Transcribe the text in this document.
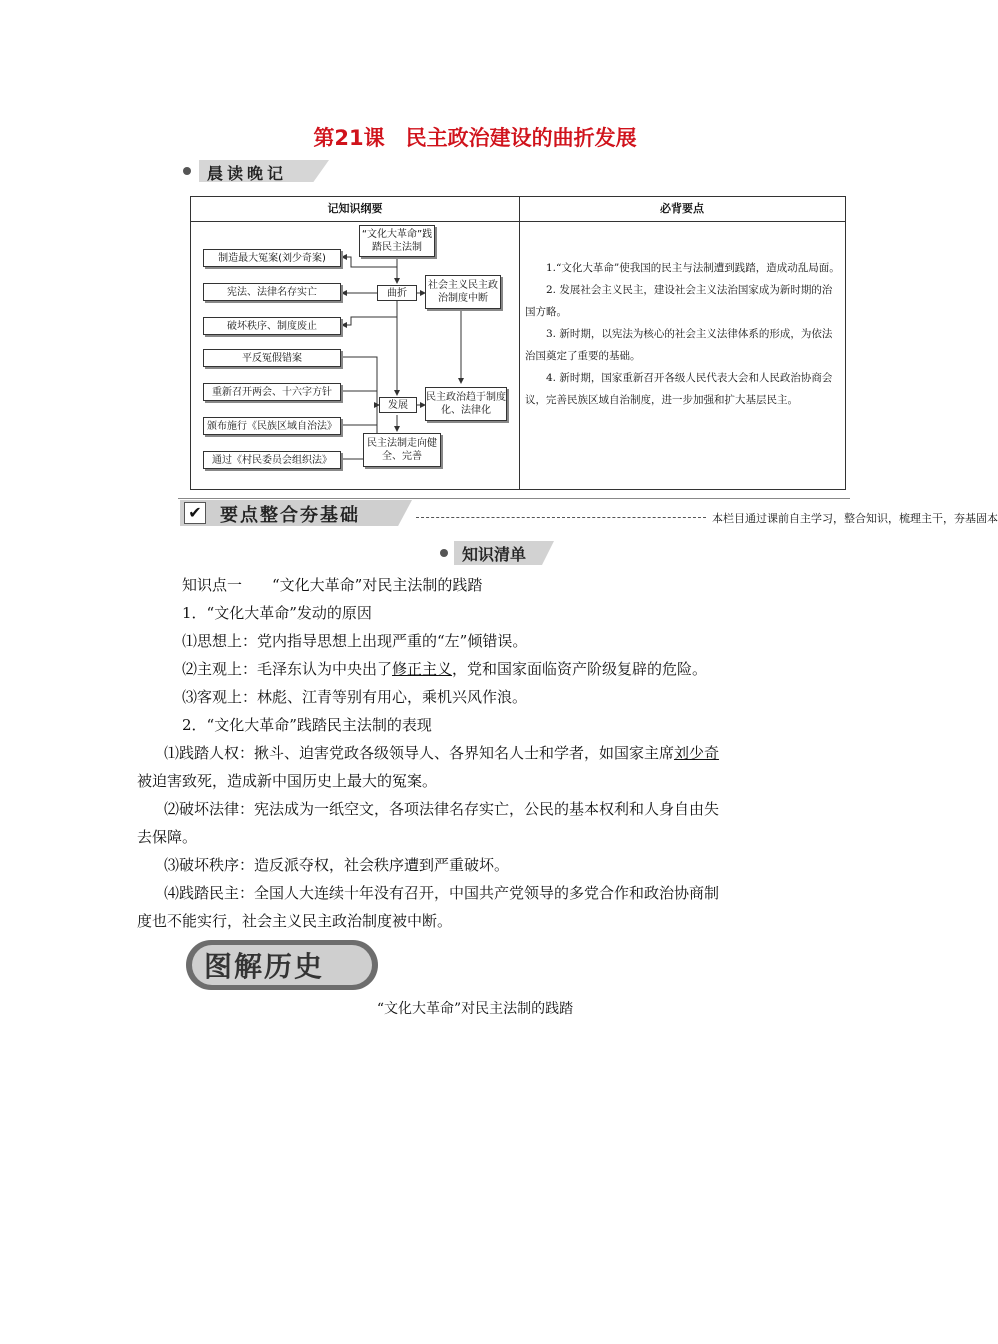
第21课　民主政治建设的曲折发展
晨读晚记
记知识纲要	必背要点
“文化大革命”践踏民主法制
曲折
发展
社会主义民主政治制度中断
民主政治趋于制度化、法律化
民主法制走向健全、完善
制造最大冤案(刘少奇案)
宪法、法律名存实亡
破坏秩序、制度废止
平反冤假错案
重新召开两会、十六字方针
颁布施行《民族区域自治法》
通过《村民委员会组织法》

1.“文化大革命”使我国的民主与法制遭到践踏，造成动乱局面。

2. 发展社会主义民主，建设社会主义法治国家成为新时期的治国方略。

3. 新时期，以宪法为核心的社会主义法律体系的形成，为依法治国奠定了重要的基础。

4. 新时期，国家重新召开各级人民代表大会和人民政治协商会议，完善民族区域自治制度，进一步加强和扩大基层民主。

✔ 要点整合夯基础	本栏目通过课前自主学习，整合知识，梳理主干，夯基固本
知识清单
知识点一　　“文化大革命”对民主法制的践踏
1．“文化大革命”发动的原因
⑴思想上：党内指导思想上出现严重的“左”倾错误。
⑵主观上：毛泽东认为中央出了修正主义，党和国家面临资产阶级复辟的危险。
⑶客观上：林彪、江青等别有用心，乘机兴风作浪。
2．“文化大革命”践踏民主法制的表现
⑴践踏人权：揪斗、迫害党政各级领导人、各界知名人士和学者，如国家主席刘少奇
被迫害致死，造成新中国历史上最大的冤案。
⑵破坏法律：宪法成为一纸空文，各项法律名存实亡，公民的基本权利和人身自由失
去保障。
⑶破坏秩序：造反派夺权，社会秩序遭到严重破坏。
⑷践踏民主：全国人大连续十年没有召开，中国共产党领导的多党合作和政治协商制
度也不能实行，社会主义民主政治制度被中断。
图解历史
“文化大革命”对民主法制的践踏
